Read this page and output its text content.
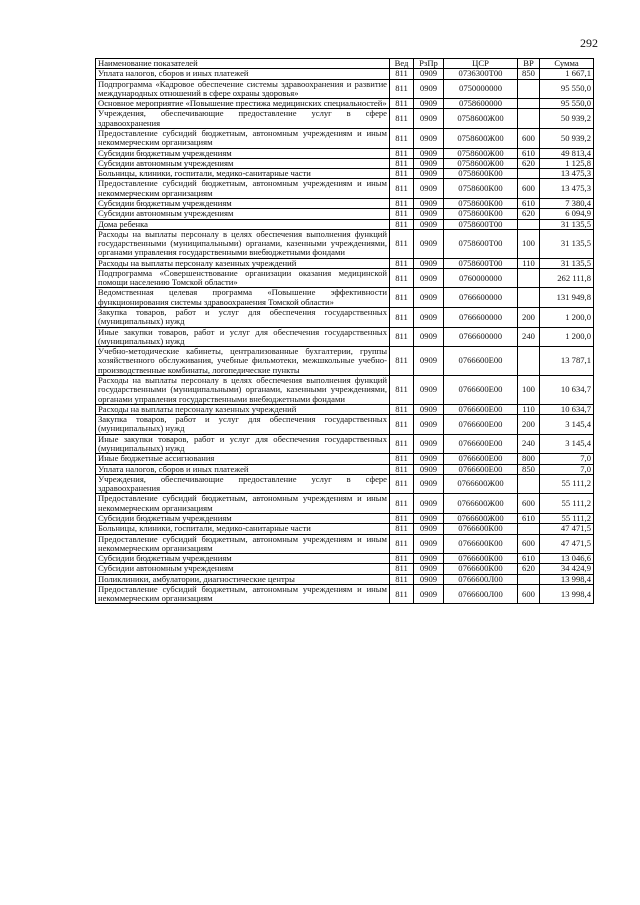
292
Наименование показателей	Вед	РзПр	ЦСР	ВР	Сумма
Уплата налогов, сборов и иных платежей	811	0909	0736300Т00	850	1 667,1
Подпрограмма «Кадровое обеспечение системы здравоохранения и развитие международных отношений в сфере охраны здоровья»	811	0909	0750000000		95 550,0
Основное мероприятие «Повышение престижа медицинских специальностей»	811	0909	0758600000		95 550,0
Учреждения, обеспечивающие предоставление услуг в сфере здравоохранения	811	0909	0758600Ж00		50 939,2
Предоставление субсидий бюджетным, автономным учреждениям и иным некоммерческим организациям	811	0909	0758600Ж00	600	50 939,2
Субсидии бюджетным учреждениям	811	0909	0758600Ж00	610	49 813,4
Субсидии автономным учреждениям	811	0909	0758600Ж00	620	1 125,8
Больницы, клиники, госпитали, медико-санитарные части	811	0909	0758600К00		13 475,3
Предоставление субсидий бюджетным, автономным учреждениям и иным некоммерческим организациям	811	0909	0758600К00	600	13 475,3
Субсидии бюджетным учреждениям	811	0909	0758600К00	610	7 380,4
Субсидии автономным учреждениям	811	0909	0758600К00	620	6 094,9
Дома ребенка	811	0909	0758600Т00		31 135,5
Расходы на выплаты персоналу в целях обеспечения выполнения функций государственными (муниципальными) органами, казенными учреждениями, органами управления государственными внебюджетными фондами	811	0909	0758600Т00	100	31 135,5
Расходы на выплаты персоналу казенных учреждений	811	0909	0758600Т00	110	31 135,5
Подпрограмма «Совершенствование организации оказания медицинской помощи населению Томской области»	811	0909	0760000000		262 111,8
Ведомственная целевая программа «Повышение эффективности функционирования системы здравоохранения Томской области»	811	0909	0766600000		131 949,8
Закупка товаров, работ и услуг для обеспечения государственных (муниципальных) нужд	811	0909	0766600000	200	1 200,0
Иные закупки товаров, работ и услуг для обеспечения государственных (муниципальных) нужд	811	0909	0766600000	240	1 200,0
Учебно-методические кабинеты, централизованные бухгалтерии, группы хозяйственного обслуживания, учебные фильмотеки, межшкольные учебно-производственные комбинаты, логопедические пункты	811	0909	0766600Е00		13 787,1
Расходы на выплаты персоналу в целях обеспечения выполнения функций государственными (муниципальными) органами, казенными учреждениями, органами управления государственными внебюджетными фондами	811	0909	0766600Е00	100	10 634,7
Расходы на выплаты персоналу казенных учреждений	811	0909	0766600Е00	110	10 634,7
Закупка товаров, работ и услуг для обеспечения государственных (муниципальных) нужд	811	0909	0766600Е00	200	3 145,4
Иные закупки товаров, работ и услуг для обеспечения государственных (муниципальных) нужд	811	0909	0766600Е00	240	3 145,4
Иные бюджетные ассигнования	811	0909	0766600Е00	800	7,0
Уплата налогов, сборов и иных платежей	811	0909	0766600Е00	850	7,0
Учреждения, обеспечивающие предоставление услуг в сфере здравоохранения	811	0909	0766600Ж00		55 111,2
Предоставление субсидий бюджетным, автономным учреждениям и иным некоммерческим организациям	811	0909	0766600Ж00	600	55 111,2
Субсидии бюджетным учреждениям	811	0909	0766600Ж00	610	55 111,2
Больницы, клиники, госпитали, медико-санитарные части	811	0909	0766600К00		47 471,5
Предоставление субсидий бюджетным, автономным учреждениям и иным некоммерческим организациям	811	0909	0766600К00	600	47 471,5
Субсидии бюджетным учреждениям	811	0909	0766600К00	610	13 046,6
Субсидии автономным учреждениям	811	0909	0766600К00	620	34 424,9
Поликлиники, амбулатории, диагностические центры	811	0909	0766600Л00		13 998,4
Предоставление субсидий бюджетным, автономным учреждениям и иным некоммерческим организациям	811	0909	0766600Л00	600	13 998,4
